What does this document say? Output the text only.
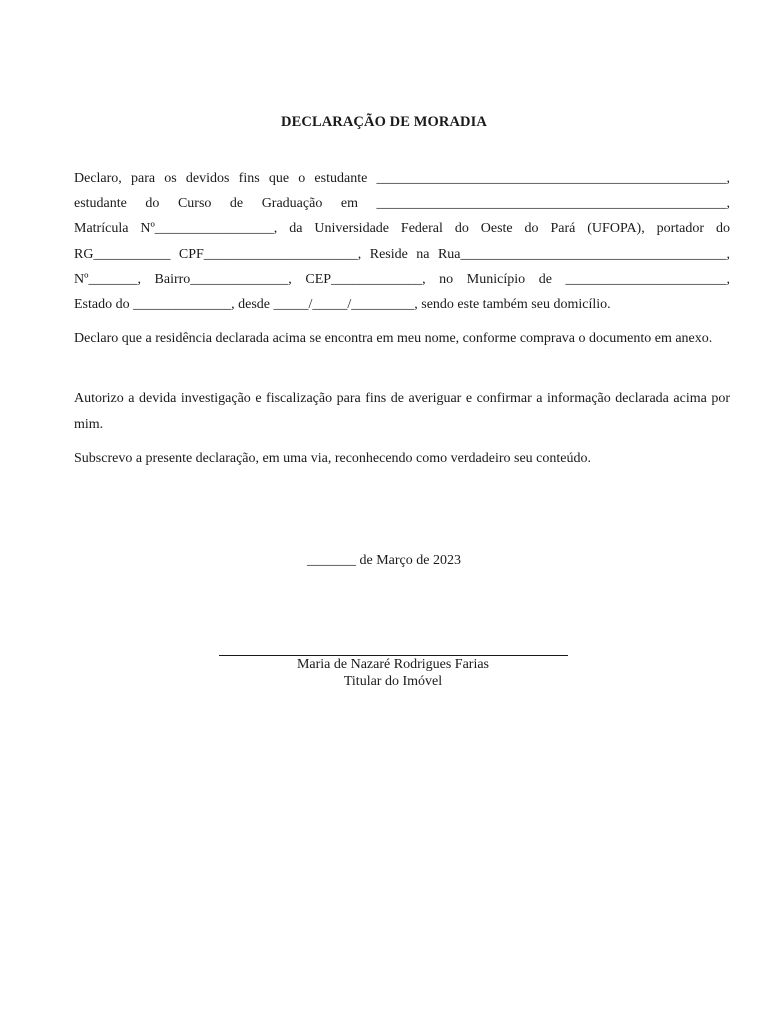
DECLARAÇÃO DE MORADIA
Declaro, para os devidos fins que o estudante __________________________________________________,
estudante do Curso de Graduação em __________________________________________________,
Matrícula Nº_________________, da Universidade Federal do Oeste do Pará (UFOPA), portador do
RG___________ CPF______________________, Reside na Rua______________________________________,
Nº_______, Bairro______________, CEP_____________, no Município de _______________________,
Estado do ______________, desde _____/_____/_________, sendo este também seu domicílio.
Declaro que a residência declarada acima se encontra em meu nome, conforme comprava o documento em anexo.
Autorizo a devida investigação e fiscalização para fins de averiguar e confirmar a informação declarada acima por mim.
Subscrevo a presente declaração, em uma via, reconhecendo como verdadeiro seu conteúdo.
_______ de Março de 2023
Maria de Nazaré Rodrigues Farias
Titular do Imóvel
